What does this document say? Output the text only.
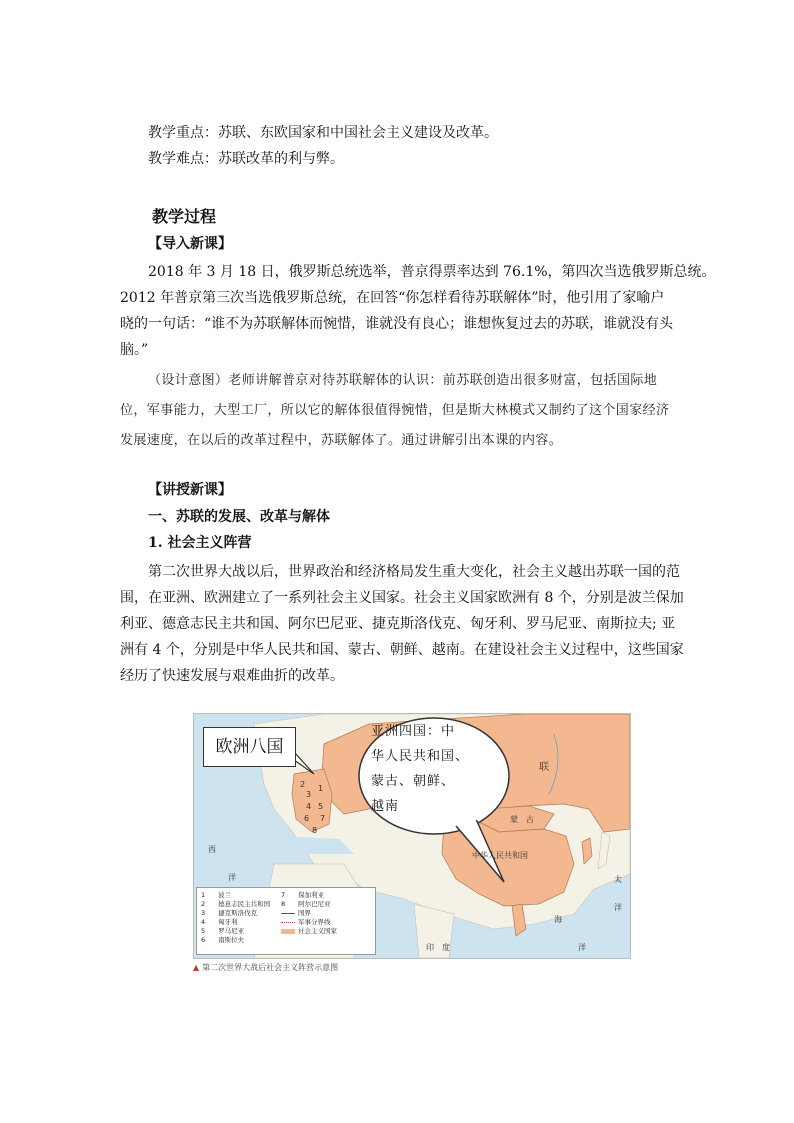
教学重点：苏联、东欧国家和中国社会主义建设及改革。
教学难点：苏联改革的利与弊。
教学过程
【导入新课】
2018 年 3 月 18 日，俄罗斯总统选举，普京得票率达到 76.1%，第四次当选俄罗斯总统。
2012 年普京第三次当选俄罗斯总统，在回答“你怎样看待苏联解体”时，他引用了家喻户
晓的一句话：“谁不为苏联解体而惋惜，谁就没有良心；谁想恢复过去的苏联，谁就没有头
脑。”
（设计意图）老师讲解普京对待苏联解体的认识：前苏联创造出很多财富，包括国际地
位，军事能力，大型工厂，所以它的解体很值得惋惜，但是斯大林模式又制约了这个国家经济
发展速度，在以后的改革过程中，苏联解体了。通过讲解引出本课的内容。
【讲授新课】
一、苏联的发展、改革与解体
1. 社会主义阵营
第二次世界大战以后，世界政治和经济格局发生重大变化，社会主义越出苏联一国的范
围，在亚洲、欧洲建立了一系列社会主义国家。社会主义国家欧洲有 8 个，分别是波兰保加
利亚、德意志民主共和国、阿尔巴尼亚、捷克斯洛伐克、匈牙利、罗马尼亚、南斯拉夫; 亚
洲有 4 个，分别是中华人民共和国、蒙古、朝鲜、越南。在建设社会主义过程中，这些国家
经历了快速发展与艰难曲折的改革。
欧洲八国
亚洲四国：中
华人民共和国、
蒙古、朝鲜、
越南
1
2
3
4 5
6 7
8
西
洋
联
蒙　古
中华人民共和国
印　度
太
洋
海
洋
1　　波兰
2　　德意志民主共和国
3　　捷克斯洛伐克
4　　匈牙利
5　　罗马尼亚
6　　南斯拉夫
7　　保加利亚
8　　阿尔巴尼亚
国界
军事分界线
社会主义国家
▲ 第二次世界大战后社会主义阵营示意图
